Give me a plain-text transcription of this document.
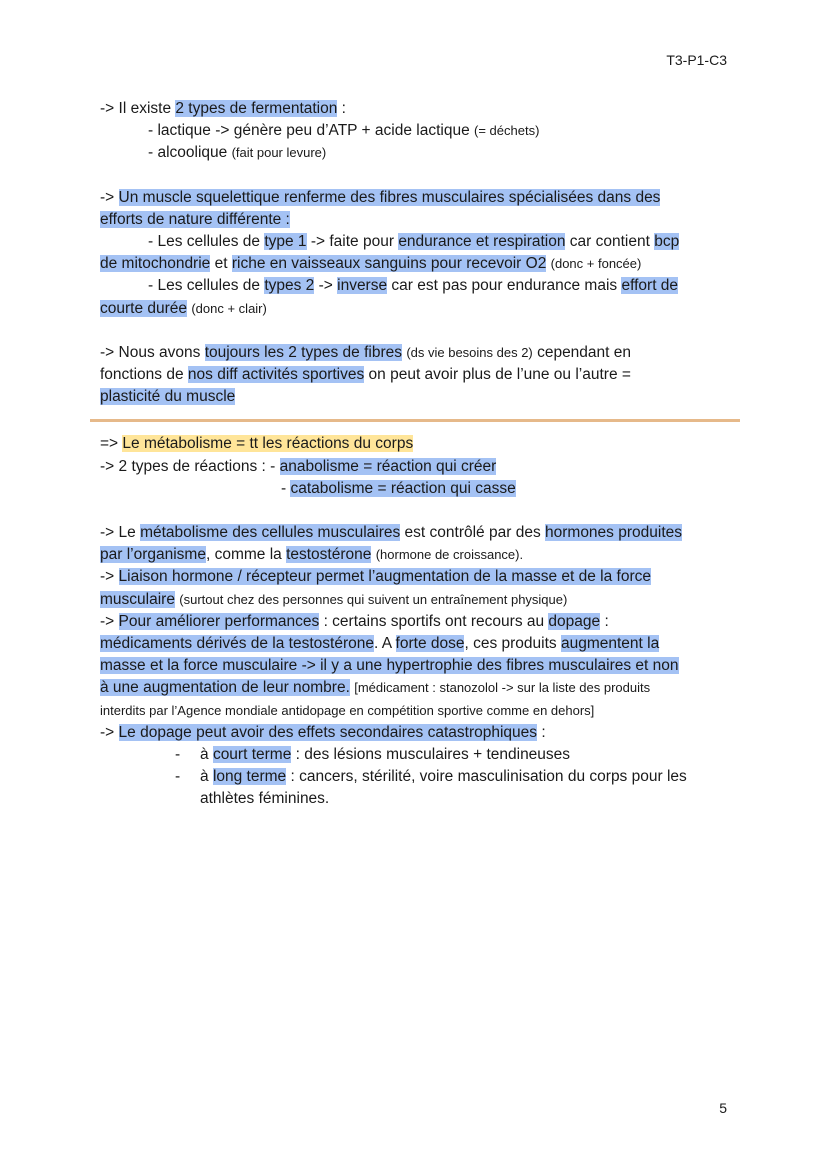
T3-P1-C3
-> Il existe 2 types de fermentation :
- lactique -> génère peu d’ATP + acide lactique (= déchets)
- alcoolique (fait pour levure)
-> Un muscle squelettique renferme des fibres musculaires spécialisées dans des
efforts de nature différente :
- Les cellules de type 1 -> faite pour endurance et respiration car contient bcp
de mitochondrie et riche en vaisseaux sanguins pour recevoir O2 (donc + foncée)
- Les cellules de types 2 -> inverse car est pas pour endurance mais effort de
courte durée (donc + clair)
-> Nous avons toujours les 2 types de fibres (ds vie besoins des 2) cependant en
fonctions de nos diff activités sportives on peut avoir plus de l’une ou l’autre =
plasticité du muscle
=> Le métabolisme = tt les réactions du corps
-> 2 types de réactions : - anabolisme = réaction qui créer
- catabolisme = réaction qui casse
-> Le métabolisme des cellules musculaires est contrôlé par des hormones produites
par l’organisme, comme la testostérone (hormone de croissance).
-> Liaison hormone / récepteur permet l’augmentation de la masse et de la force
musculaire (surtout chez des personnes qui suivent un entraînement physique)
-> Pour améliorer performances : certains sportifs ont recours au dopage :
médicaments dérivés de la testostérone. A forte dose, ces produits augmentent la
masse et la force musculaire -> il y a une hypertrophie des fibres musculaires et non
à une augmentation de leur nombre. [médicament : stanozolol -> sur la liste des produits
interdits par l’Agence mondiale antidopage en compétition sportive comme en dehors]
-> Le dopage peut avoir des effets secondaires catastrophiques :
- à court terme : des lésions musculaires + tendineuses
- à long terme : cancers, stérilité, voire masculinisation du corps pour les athlètes féminines.
5
